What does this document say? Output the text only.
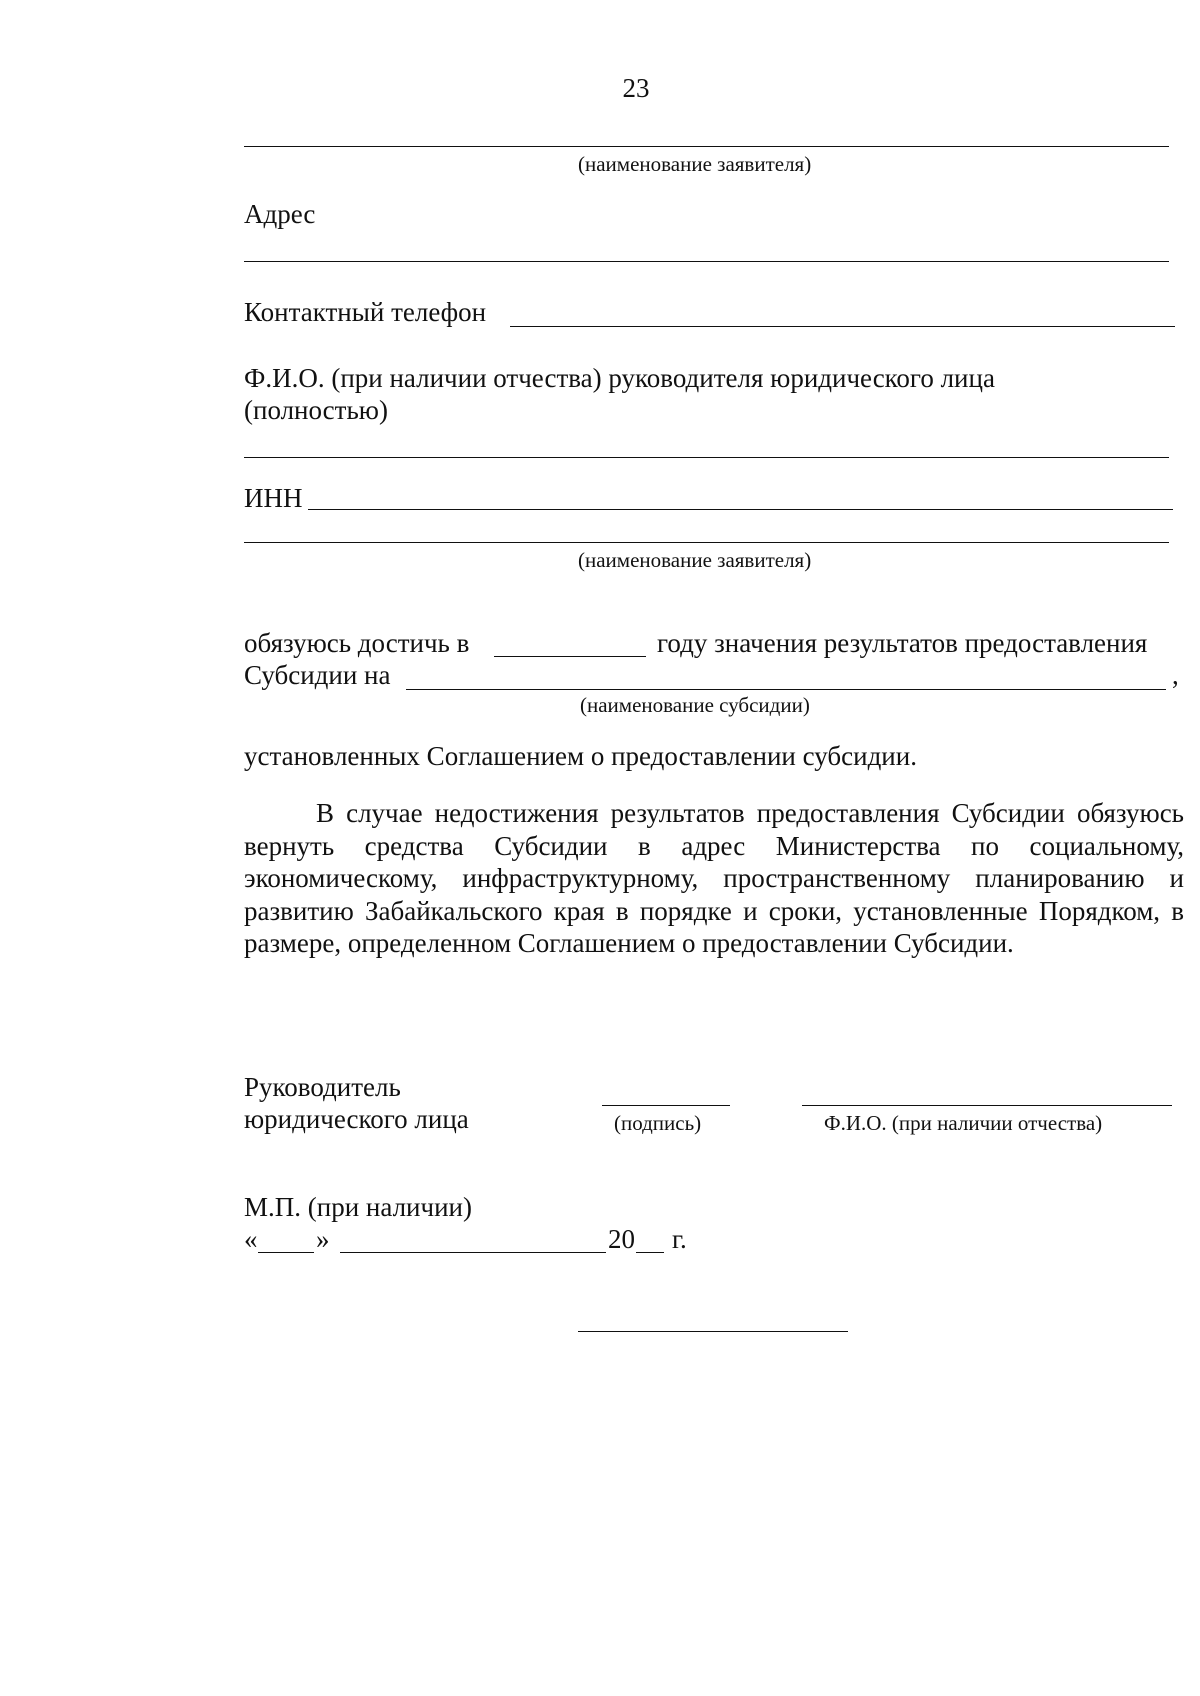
23
(наименование заявителя)
Адрес
Контактный телефон
Ф.И.О. (при наличии отчества) руководителя юридического лица
(полностью)
ИНН
(наименование заявителя)
обязуюсь достичь в	году значения результатов предоставления
Субсидии на	,
(наименование субсидии)
установленных Соглашением о предоставлении субсидии.
В случае недостижения результатов предоставления Субсидии обязуюсь вернуть средства Субсидии в адрес Министерства по социальному, экономическому, инфраструктурному, пространственному планированию и развитию Забайкальского края в порядке и сроки, установленные Порядком, в размере, определенном Соглашением о предоставлении Субсидии.
Руководитель
юридического лица	(подпись)	Ф.И.О. (при наличии отчества)
М.П. (при наличии)
« »	20 г.
